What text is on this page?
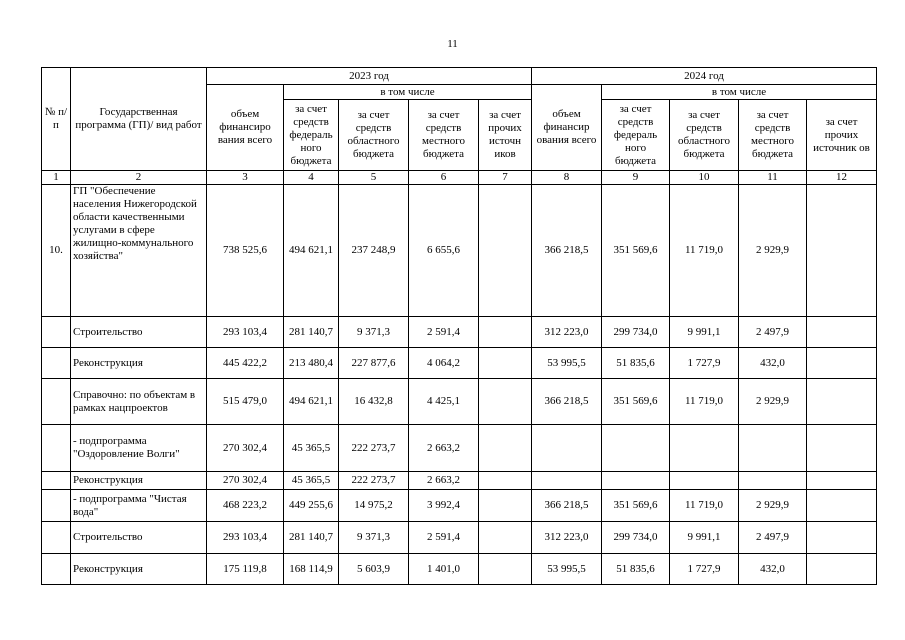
11
№ п/п	Государственная программа (ГП)/ вид работ	2023 год					2024 год				
		объем финансиро вания всего	в том числе				объем финансир ования всего	в том числе			
			за счет средств федераль ного бюджета	за счет средств областного бюджета	за счет средств местного бюджета	за счет прочих источн иков		за счет средств федераль ного бюджета	за счет средств областного бюджета	за счет средств местного бюджета	за счет прочих источник ов
1	2	3	4	5	6	7	8	9	10	11	12
10.	ГП "Обеспечение населения Нижегородской области качественными услугами в сфере жилищно-коммунального хозяйства"	738 525,6	494 621,1	237 248,9	6 655,6		366 218,5	351 569,6	11 719,0	2 929,9	
	Строительство	293 103,4	281 140,7	9 371,3	2 591,4		312 223,0	299 734,0	9 991,1	2 497,9	
	Реконструкция	445 422,2	213 480,4	227 877,6	4 064,2		53 995,5	51 835,6	1 727,9	432,0	
	Справочно: по объектам в рамках нацпроектов	515 479,0	494 621,1	16 432,8	4 425,1		366 218,5	351 569,6	11 719,0	2 929,9	
	- подпрограмма "Оздоровление Волги"	270 302,4	45 365,5	222 273,7	2 663,2						
	Реконструкция	270 302,4	45 365,5	222 273,7	2 663,2						
	- подпрограмма "Чистая вода"	468 223,2	449 255,6	14 975,2	3 992,4		366 218,5	351 569,6	11 719,0	2 929,9	
	Строительство	293 103,4	281 140,7	9 371,3	2 591,4		312 223,0	299 734,0	9 991,1	2 497,9	
	Реконструкция	175 119,8	168 114,9	5 603,9	1 401,0		53 995,5	51 835,6	1 727,9	432,0	
